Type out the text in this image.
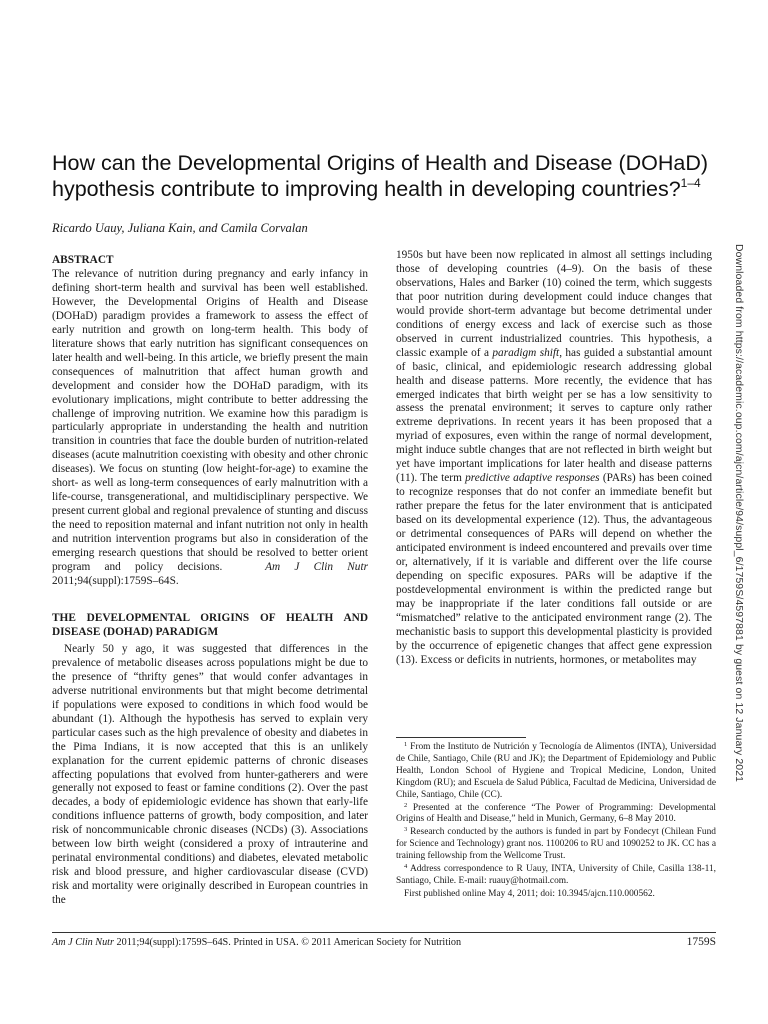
How can the Developmental Origins of Health and Disease (DOHaD) hypothesis contribute to improving health in developing countries?$^{1-4}$
Ricardo Uauy, Juliana Kain, and Camila Corvalan

ABSTRACT

The relevance of nutrition during pregnancy and early infancy in defining short-term health and survival has been well established. However, the Developmental Origins of Health and Disease (DOHaD) paradigm provides a framework to assess the effect of early nutrition and growth on long-term health. This body of literature shows that early nutrition has significant consequences on later health and well-being. In this article, we briefly present the main consequences of malnutrition that affect human growth and development and consider how the DOHaD paradigm, with its evolutionary implications, might contribute to better addressing the challenge of improving nutrition. We examine how this paradigm is particularly appropriate in understanding the health and nutrition transition in countries that face the double burden of nutrition-related diseases (acute malnutrition coexisting with obesity and other chronic diseases). We focus on stunting (low height-for-age) to examine the short- as well as long-term consequences of early malnutrition with a life-course, transgenerational, and multidisciplinary perspective. We present current global and regional prevalence of stunting and discuss the need to reposition maternal and infant nutrition not only in health and nutrition intervention programs but also in consideration of the emerging research questions that should be resolved to better orient program and policy decisions.	Am J Clin Nutr 2011;94(suppl):1759S–64S.

THE DEVELOPMENTAL ORIGINS OF HEALTH AND DISEASE (DOHAD) PARADIGM

Nearly 50 y ago, it was suggested that differences in the prevalence of metabolic diseases across populations might be due to the presence of “thrifty genes” that would confer advantages in adverse nutritional environments but that might become detrimental if populations were exposed to conditions in which food would be abundant (1). Although the hypothesis has served to explain very particular cases such as the high prevalence of obesity and diabetes in the Pima Indians, it is now accepted that this is an unlikely explanation for the current epidemic patterns of chronic diseases affecting populations that evolved from hunter-gatherers and were generally not exposed to feast or famine conditions (2). Over the past decades, a body of epidemiologic evidence has shown that early-life conditions influence patterns of growth, body composition, and later risk of noncommunicable chronic diseases (NCDs) (3). Associations between low birth weight (considered a proxy of intrauterine and perinatal environmental conditions) and diabetes, elevated metabolic risk and blood pressure, and higher cardiovascular disease (CVD) risk and mortality were originally described in European countries in the

1950s but have been now replicated in almost all settings including those of developing countries (4–9). On the basis of these observations, Hales and Barker (10) coined the term, which suggests that poor nutrition during development could induce changes that would provide short-term advantage but become detrimental under conditions of energy excess and lack of exercise such as those observed in current industrialized countries. This hypothesis, a classic example of a paradigm shift, has guided a substantial amount of basic, clinical, and epidemiologic research addressing global health and disease patterns. More recently, the evidence that has emerged indicates that birth weight per se has a low sensitivity to assess the prenatal environment; it serves to capture only rather extreme deprivations. In recent years it has been proposed that a myriad of exposures, even within the range of normal development, might induce subtle changes that are not reflected in birth weight but yet have important implications for later health and disease patterns (11). The term predictive adaptive responses (PARs) has been coined to recognize responses that do not confer an immediate benefit but rather prepare the fetus for the later environment that is anticipated based on its developmental experience (12). Thus, the advantageous or detrimental consequences of PARs will depend on whether the anticipated environment is indeed encountered and prevails over time or, alternatively, if it is variable and different over the life course depending on specific exposures. PARs will be adaptive if the postdevelopmental environment is within the predicted range but may be inappropriate if the later conditions fall outside or are “mismatched” relative to the anticipated environment range (2). The mechanistic basis to support this developmental plasticity is provided by the occurrence of epigenetic changes that affect gene expression (13). Excess or deficits in nutrients, hormones, or metabolites may

$^1$ From the Instituto de Nutrición y Tecnología de Alimentos (INTA), Universidad de Chile, Santiago, Chile (RU and JK); the Department of Epidemiology and Public Health, London School of Hygiene and Tropical Medicine, London, United Kingdom (RU); and Escuela de Salud Pública, Facultad de Medicina, Universidad de Chile, Santiago, Chile (CC).

$^2$ Presented at the conference “The Power of Programming: Developmental Origins of Health and Disease,” held in Munich, Germany, 6–8 May 2010.

$^3$ Research conducted by the authors is funded in part by Fondecyt (Chilean Fund for Science and Technology) grant nos. 1100206 to RU and 1090252 to JK. CC has a training fellowship from the Wellcome Trust.

$^4$ Address correspondence to R Uauy, INTA, University of Chile, Casilla 138-11, Santiago, Chile. E-mail: ruauy@hotmail.com.

First published online May 4, 2011; doi: 10.3945/ajcn.110.000562.

Am J Clin Nutr 2011;94(suppl):1759S–64S. Printed in USA. © 2011 American Society for Nutrition	1759S
Downloaded from https://academic.oup.com/ajcn/article/94/suppl_6/1759S/4597881 by guest on 12 January 2021
